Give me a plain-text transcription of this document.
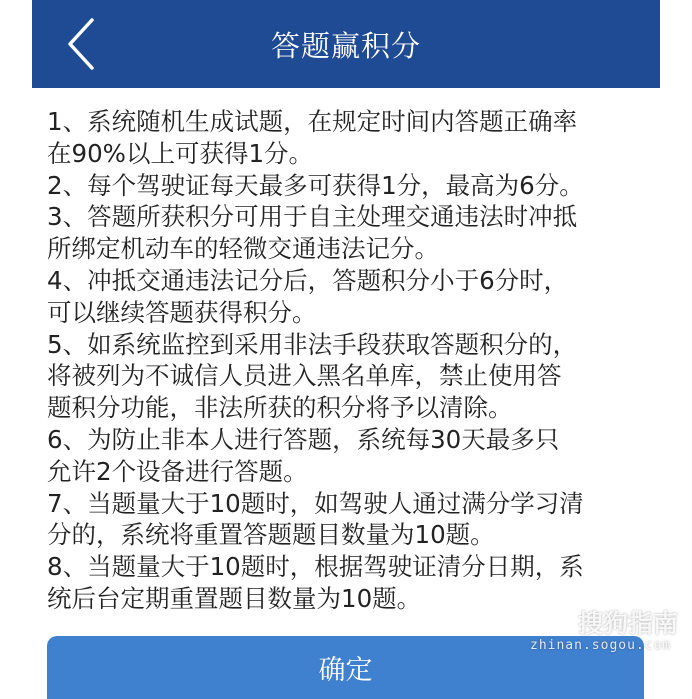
答题赢积分
1、系统随机生成试题，在规定时间内答题正确率
在90%以上可获得1分。
2、每个驾驶证每天最多可获得1分，最高为6分。
3、答题所获积分可用于自主处理交通违法时冲抵
所绑定机动车的轻微交通违法记分。
4、冲抵交通违法记分后，答题积分小于6分时，
可以继续答题获得积分。
5、如系统监控到采用非法手段获取答题积分的，
将被列为不诚信人员进入黑名单库，禁止使用答
题积分功能，非法所获的积分将予以清除。
6、为防止非本人进行答题，系统每30天最多只
允许2个设备进行答题。
7、当题量大于10题时，如驾驶人通过满分学习清
分的，系统将重置答题题目数量为10题。
8、当题量大于10题时，根据驾驶证清分日期，系
统后台定期重置题目数量为10题。
确定
搜狗指南
zhinan.sogou.com
